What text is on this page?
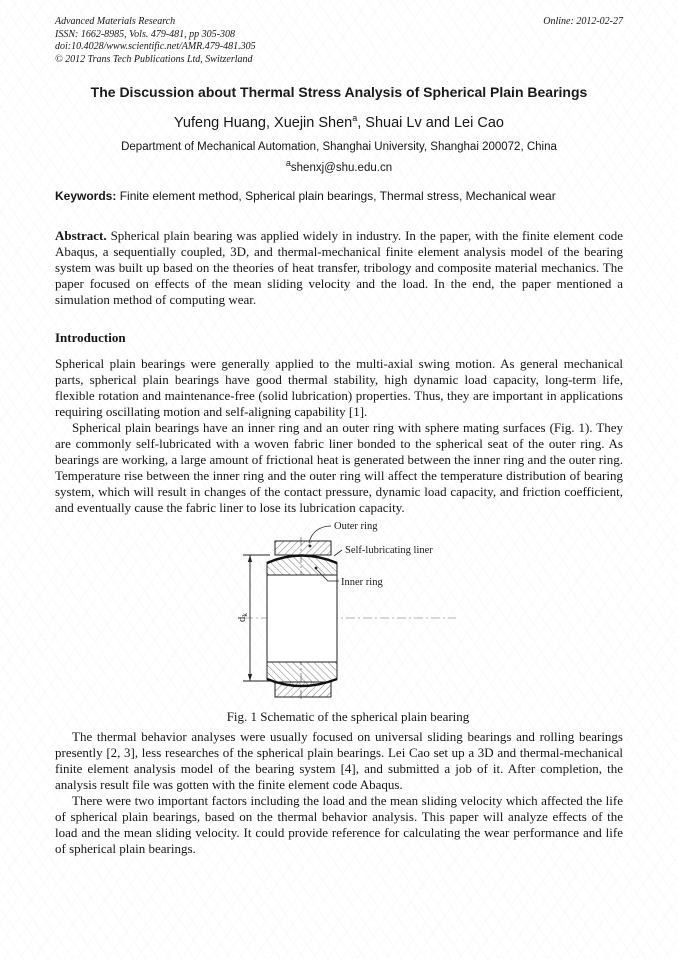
Advanced Materials Research
ISSN: 1662-8985, Vols. 479-481, pp 305-308
doi:10.4028/www.scientific.net/AMR.479-481.305
© 2012 Trans Tech Publications Ltd, Switzerland
Online: 2012-02-27
The Discussion about Thermal Stress Analysis of Spherical Plain Bearings
Yufeng Huang, Xuejin Shen$^a$, Shuai Lv and Lei Cao
Department of Mechanical Automation, Shanghai University, Shanghai 200072, China
$^a$shenxj@shu.edu.cn
Keywords: Finite element method, Spherical plain bearings, Thermal stress, Mechanical wear

Abstract. Spherical plain bearing was applied widely in industry. In the paper, with the finite element code Abaqus, a sequentially coupled, 3D, and thermal-mechanical finite element analysis model of the bearing system was built up based on the theories of heat transfer, tribology and composite material mechanics. The paper focused on effects of the mean sliding velocity and the load. In the end, the paper mentioned a simulation method of computing wear.

Introduction

Spherical plain bearings were generally applied to the multi-axial swing motion. As general mechanical parts, spherical plain bearings have good thermal stability, high dynamic load capacity, long-term life, flexible rotation and maintenance-free (solid lubrication) properties. Thus, they are important in applications requiring oscillating motion and self-aligning capability [1].

Spherical plain bearings have an inner ring and an outer ring with sphere mating surfaces (Fig. 1). They are commonly self-lubricated with a woven fabric liner bonded to the spherical seat of the outer ring. As bearings are working, a large amount of frictional heat is generated between the inner ring and the outer ring. Temperature rise between the inner ring and the outer ring will affect the temperature distribution of bearing system, which will result in changes of the contact pressure, dynamic load capacity, and friction coefficient, and eventually cause the fabric liner to lose its lubrication capacity.

dk
Outer ring
Self-lubricating liner
Inner ring
Fig. 1 Schematic of the spherical plain bearing

The thermal behavior analyses were usually focused on universal sliding bearings and rolling bearings presently [2, 3], less researches of the spherical plain bearings. Lei Cao set up a 3D and thermal-mechanical finite element analysis model of the bearing system [4], and submitted a job of it. After completion, the analysis result file was gotten with the finite element code Abaqus.

There were two important factors including the load and the mean sliding velocity which affected the life of spherical plain bearings, based on the thermal behavior analysis. This paper will analyze effects of the load and the mean sliding velocity. It could provide reference for calculating the wear performance and life of spherical plain bearings.
